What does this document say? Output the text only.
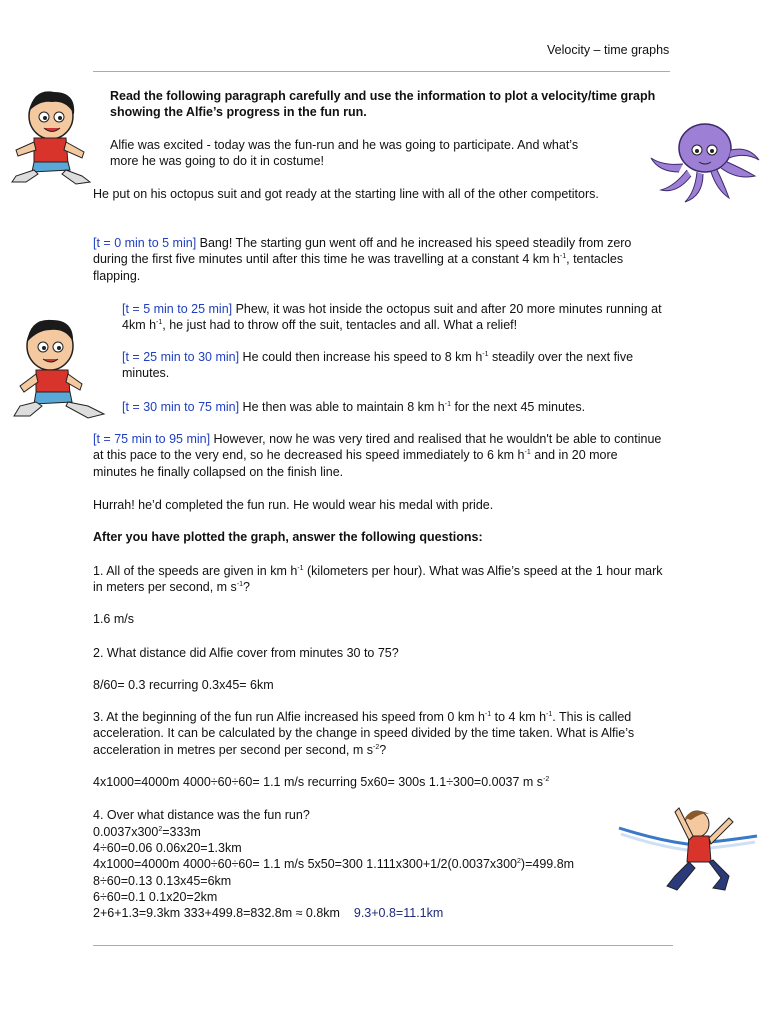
Velocity – time graphs
Read the following paragraph carefully and use the information to plot a velocity/time graph showing the Alfie’s progress in the fun run.
Alfie was excited - today was the fun-run and he was going to participate. And what’s more he was going to do it in costume!
He put on his octopus suit and got ready at the starting line with all of the other competitors.
[t = 0 min to 5 min] Bang! The starting gun went off and he increased his speed steadily from zero during the first five minutes until after this time he was travelling at a constant 4 km $h^{-1}$, tentacles flapping.
[t = 5 min to 25 min] Phew, it was hot inside the octopus suit and after 20 more minutes running at 4km $h^{-1}$, he just had to throw off the suit, tentacles and all. What a relief!
[t = 25 min to 30 min] He could then increase his speed to 8 km $h^{-1}$ steadily over the next five minutes.
[t = 30 min to 75 min] He then was able to maintain 8 km $h^{-1}$ for the next 45 minutes.
[t = 75 min to 95 min] However, now he was very tired and realised that he wouldn't be able to continue at this pace to the very end, so he decreased his speed immediately to 6 km $h^{-1}$ and in 20 more minutes he finally collapsed on the finish line.
Hurrah! he’d completed the fun run. He would wear his medal with pride.
After you have plotted the graph, answer the following questions:
1. All of the speeds are given in km $h^{-1}$ (kilometers per hour). What was Alfie’s speed at the 1 hour mark in meters per second, m $s^{-1}$?
1.6 m/s
2. What distance did Alfie cover from minutes 30 to 75?
8/60= 0.3 recurring 0.3x45= 6km
3. At the beginning of the fun run Alfie increased his speed from 0 km $h^{-1}$ to 4 km $h^{-1}$. This is called acceleration. It can be calculated by the change in speed divided by the time taken. What is Alfie’s acceleration in metres per second per second, m $s^{-2}$?
4x1000=4000m 4000÷60÷60= 1.1 m/s recurring 5x60= 300s 1.1÷300=0.0037 m $s^{-2}$
4. Over what distance was the fun run?
$0.0037x300^2=333m$
4÷60=0.06 0.06x20=1.3km
4x1000=4000m 4000÷60÷60= 1.1 m/s 5x50=300 $1.111x300+1/2(0.0037x300^2)=499.8m$
8÷60=0.13 0.13x45=6km
6÷60=0.1 0.1x20=2km
2+6+1.3=9.3km 333+499.8=832.8m ≈ 0.8km 9.3+0.8=11.1km
